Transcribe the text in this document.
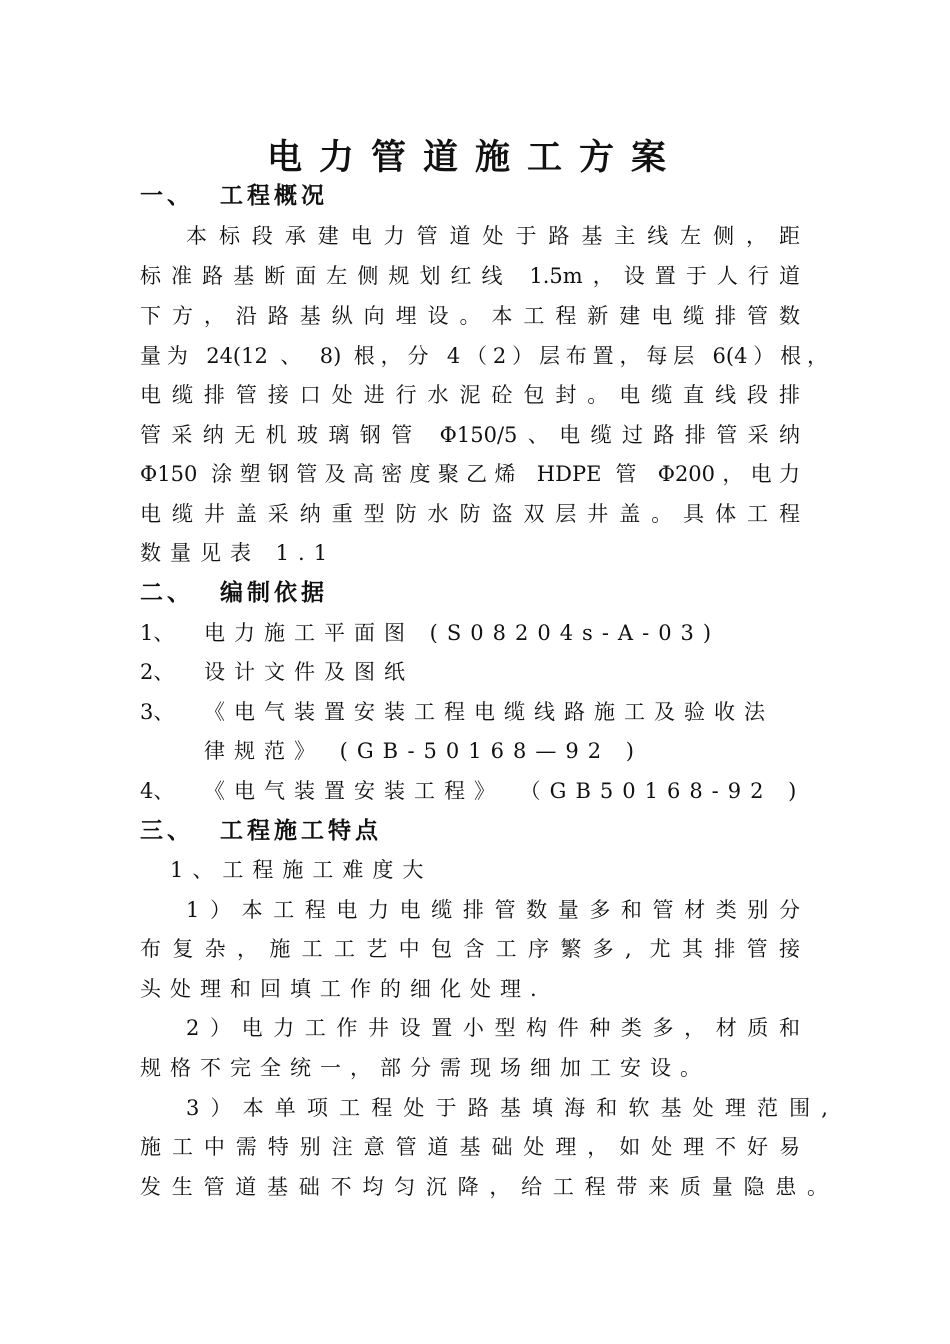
电力管道施工方案
一、 工程概况
本标段承建电力管道处于路基主线左侧，距
标准路基断面左侧规划红线 1.5m，设置于人行道
下方，沿路基纵向埋设。本工程新建电缆排管数
量为 24(12 、 8) 根，分 4（2）层布置，每层 6(4）根，
电缆排管接口处进行水泥砼包封。电缆直线段排
管采纳无机玻璃钢管 Φ150/5、电缆过路排管采纳
Φ150 涂塑钢管及高密度聚乙烯 HDPE 管 Φ200，电力
电缆井盖采纳重型防水防盗双层井盖。具体工程
数量见表 1.1
二、 编制依据
1、 电力施工平面图 (S08204s-A-03)
2、 设计文件及图纸
3、 《电气装置安装工程电缆线路施工及验收法
律规范》 (GB-50168—92 )
4、 《电气装置安装工程》 （GB50168-92 )
三、 工程施工特点
1、工程施工难度大
1）本工程电力电缆排管数量多和管材类别分
布复杂，施工工艺中包含工序繁多, 尤其排管接
头处理和回填工作的细化处理.
2）电力工作井设置小型构件种类多，材质和
规格不完全统一，部分需现场细加工安设。
3）本单项工程处于路基填海和软基处理范围,
施工中需特别注意管道基础处理，如处理不好易
发生管道基础不均匀沉降，给工程带来质量隐患。
